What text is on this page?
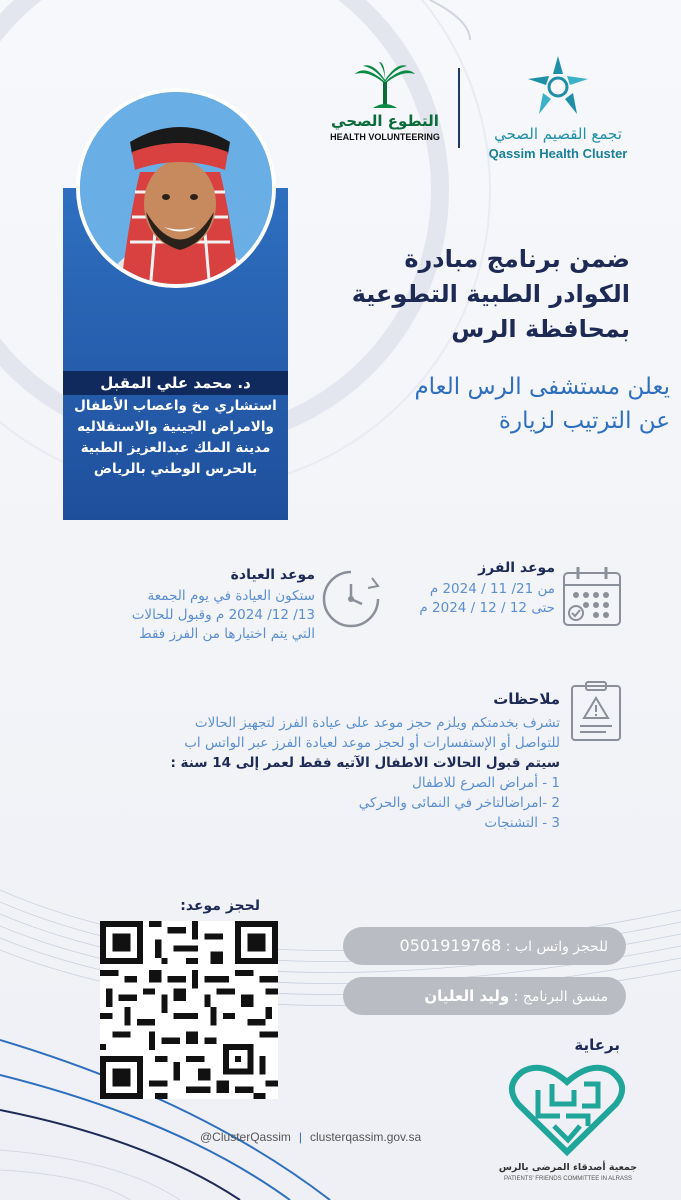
تجمع القصيم الصحي
Qassim Health Cluster
التطوع الصحي
HEALTH VOLUNTEERING
د. محمد علي المقبل
استشاري مخ واعصاب الأطفال
والامراض الجينية والاستقلاليه
مدينة الملك عبدالعزيز الطبية
بالحرس الوطني بالرياض
ضمن برنامج مبادرة
الكوادر الطبية التطوعية
بمحافظة الرس
يعلن مستشفى الرس العام
عن الترتيب لزيارة
موعد الفرز
من 21/ 11 / 2024 م
حتى 12 / 12 / 2024 م
موعد العيادة
ستكون العيادة في يوم الجمعة
13/ 12/ 2024 م وقبول للحالات
التي يتم اختيارها من الفرز فقط
ملاحظات
تشرف بخدمتكم ويلزم حجز موعد على عيادة الفرز لتجهيز الحالات
للتواصل أو الإستفسارات أو لحجز موعد لعيادة الفرز عبر الواتس اب
سيتم قبول الحالات الاطفال الآتيه فقط لعمر إلى 14 سنة :
1 - أمراض الصرع للاطفال
2 -امراضالتاخر في النمائى والحركي
3 - التشنجات
لحجز موعد:
للحجز واتس اب : 0501919768
منسق البرنامج : وليد العليان
برعاية
جمعية أصدقاء المرضى بالرس
PATIENTS' FRIENDS COMMITTEE IN ALRASS
@ClusterQassim | clusterqassim.gov.sa
